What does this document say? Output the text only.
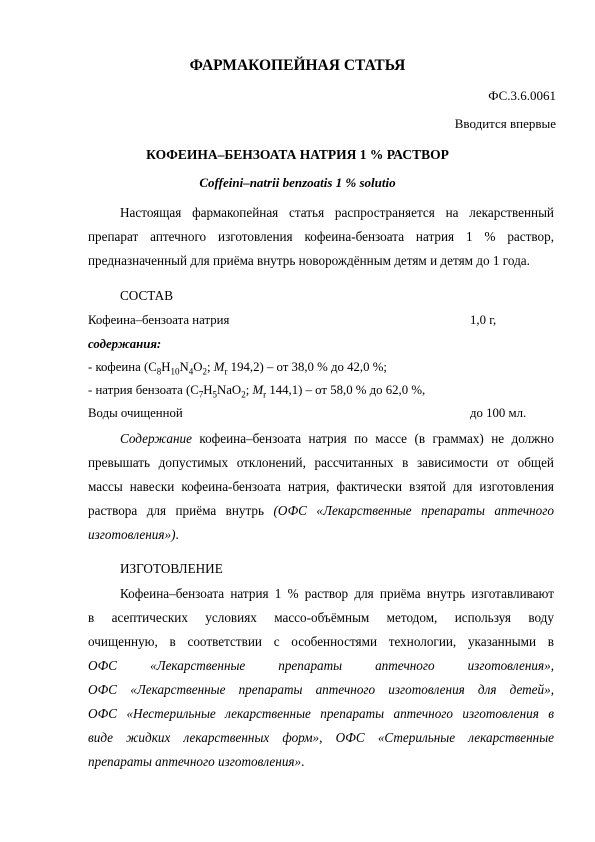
ФАРМАКОПЕЙНАЯ СТАТЬЯ
ФС.3.6.0061
Вводится впервые
КОФЕИНА–БЕНЗОАТА НАТРИЯ 1 % РАСТВОР
Coffeini–natrii benzoatis 1 % solutio
Настоящая фармакопейная статья распространяется на лекарственный
препарат аптечного изготовления кофеина-бензоата натрия 1 % раствор,
предназначенный для приёма внутрь новорождённым детям и детям до 1 года.
СОСТАВ
Кофеина–бензоата натрия	1,0 г,
содержания:
- кофеина ($C_8H_{10}N_4O_2$; $M_r$ 194,2) – от 38,0 % до 42,0 %;
- натрия бензоата ($C_7H_5NaO_2$; $M_r$ 144,1) – от 58,0 % до 62,0 %,
Воды очищенной	до 100 мл.
Содержание кофеина–бензоата натрия по массе (в граммах) не должно
превышать допустимых отклонений, рассчитанных в зависимости от общей
массы навески кофеина-бензоата натрия, фактически взятой для изготовления
раствора для приёма внутрь (ОФС «Лекарственные препараты аптечного
изготовления»).
ИЗГОТОВЛЕНИЕ
Кофеина–бензоата натрия 1 % раствор для приёма внутрь изготавливают
в асептических условиях массо-объёмным методом, используя воду
очищенную, в соответствии с особенностями технологии, указанными в
ОФС «Лекарственные препараты аптечного изготовления»,
ОФС «Лекарственные препараты аптечного изготовления для детей»,
ОФС «Нестерильные лекарственные препараты аптечного изготовления в
виде жидких лекарственных форм», ОФС «Стерильные лекарственные
препараты аптечного изготовления».
